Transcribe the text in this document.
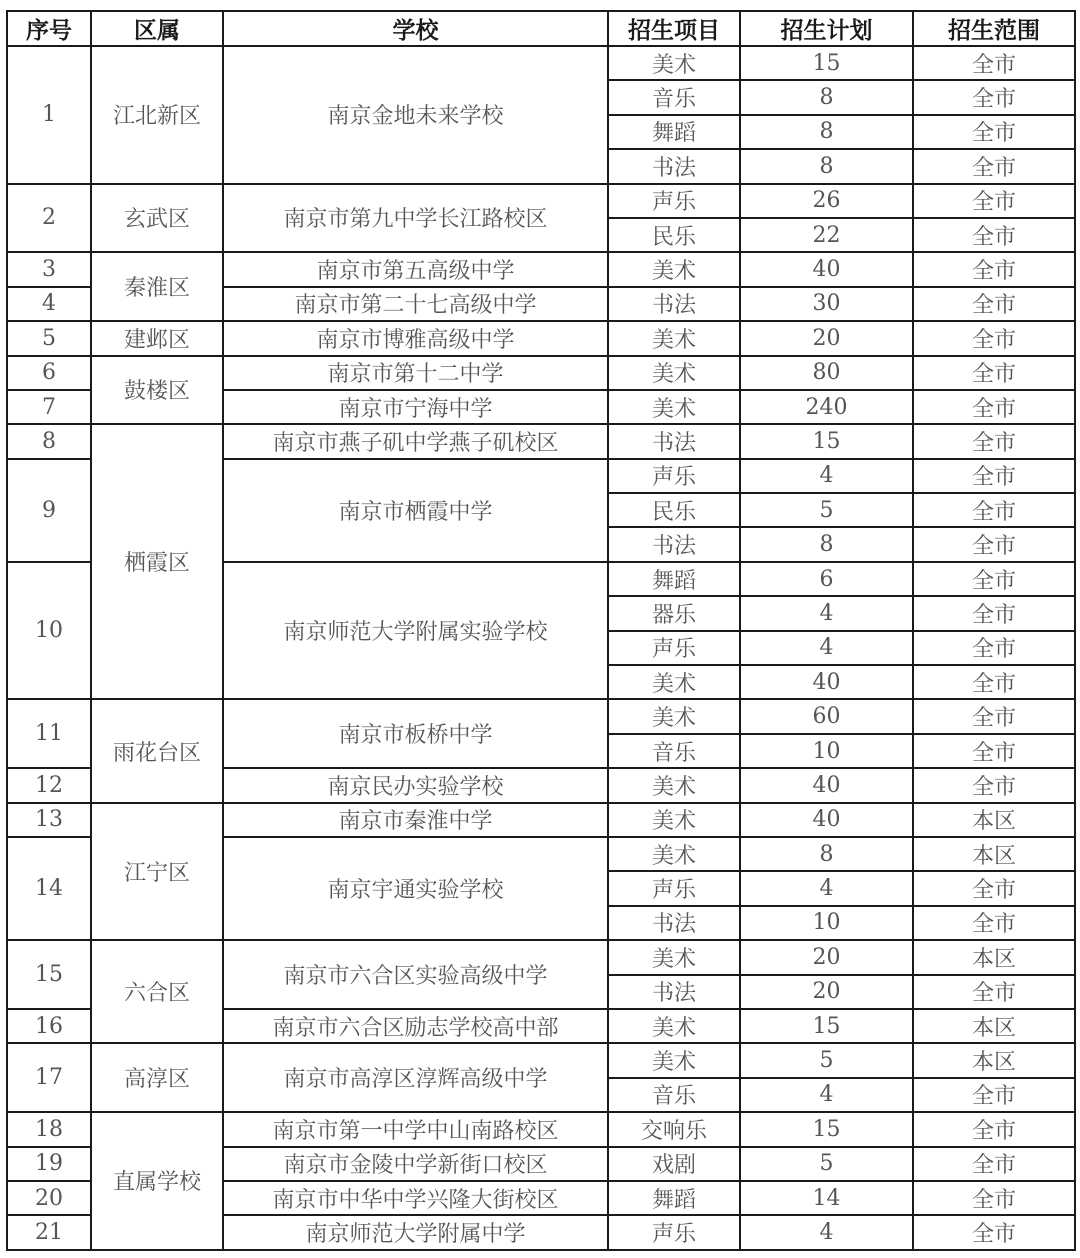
序号	区属	学校	招生项目	招生计划	招生范围
1	江北新区	南京金地未来学校	美术	15	全市
			音乐	8	全市
			舞蹈	8	全市
			书法	8	全市
2	玄武区	南京市第九中学长江路校区	声乐	26	全市
			民乐	22	全市
3	秦淮区	南京市第五高级中学	美术	40	全市
4		南京市第二十七高级中学	书法	30	全市
5	建邺区	南京市博雅高级中学	美术	20	全市
6	鼓楼区	南京市第十二中学	美术	80	全市
7		南京市宁海中学	美术	240	全市
8	栖霞区	南京市燕子矶中学燕子矶校区	书法	15	全市
9		南京市栖霞中学	声乐	4	全市
			民乐	5	全市
			书法	8	全市
10		南京师范大学附属实验学校	舞蹈	6	全市
			器乐	4	全市
			声乐	4	全市
			美术	40	全市
11	雨花台区	南京市板桥中学	美术	60	全市
			音乐	10	全市
12		南京民办实验学校	美术	40	全市
13	江宁区	南京市秦淮中学	美术	40	本区
14		南京宇通实验学校	美术	8	本区
			声乐	4	全市
			书法	10	全市
15	六合区	南京市六合区实验高级中学	美术	20	本区
			书法	20	全市
16		南京市六合区励志学校高中部	美术	15	本区
17	高淳区	南京市高淳区淳辉高级中学	美术	5	本区
			音乐	4	全市
18	直属学校	南京市第一中学中山南路校区	交响乐	15	全市
19		南京市金陵中学新街口校区	戏剧	5	全市
20		南京市中华中学兴隆大街校区	舞蹈	14	全市
21		南京师范大学附属中学	声乐	4	全市
